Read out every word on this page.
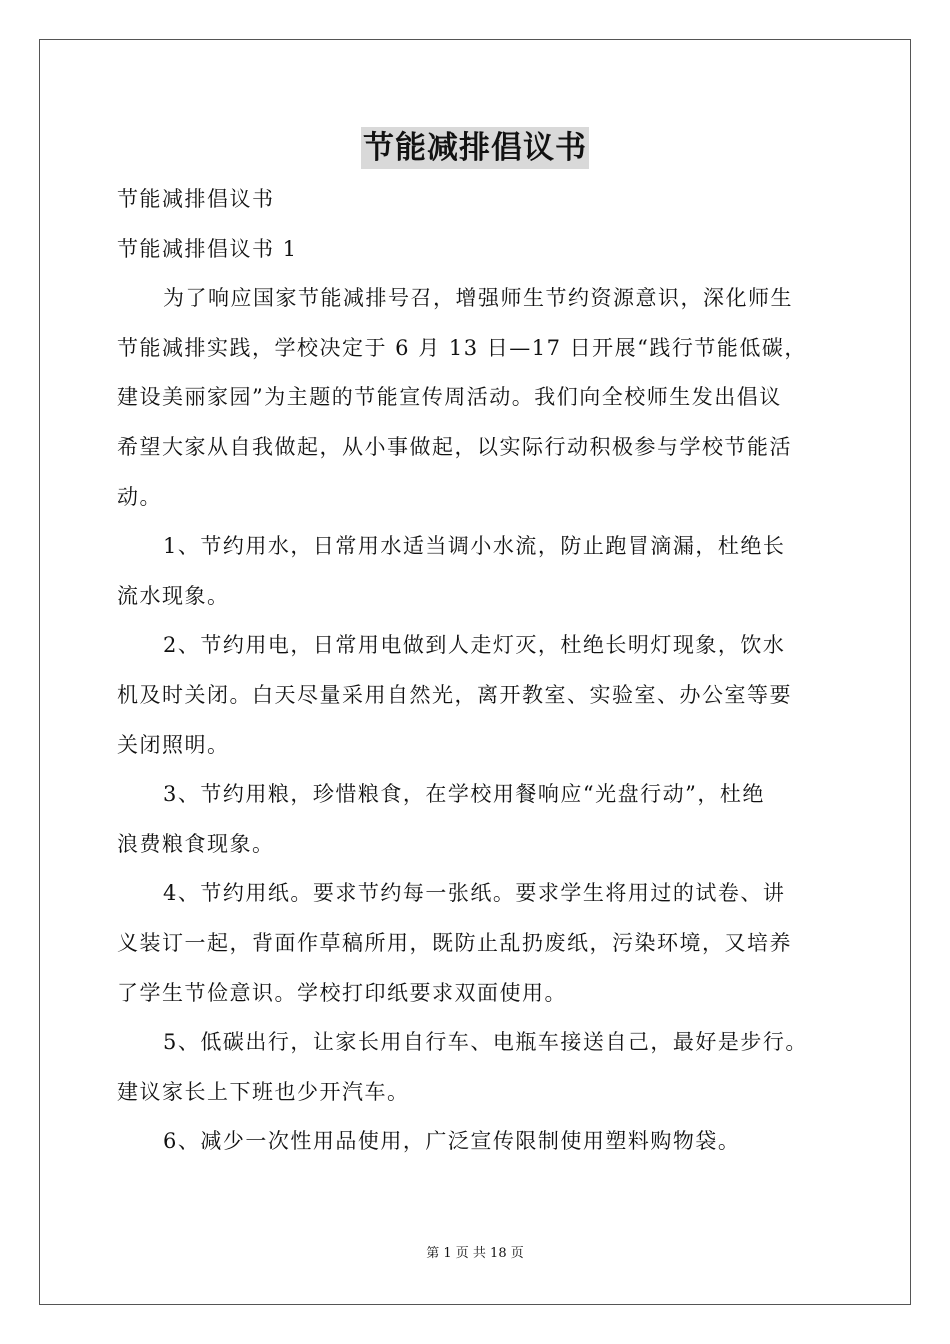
节能减排倡议书
节能减排倡议书
节能减排倡议书 1
为了响应国家节能减排号召，增强师生节约资源意识，深化师生
节能减排实践，学校决定于 6 月 13 日—17 日开展“践行节能低碳，
建设美丽家园”为主题的节能宣传周活动。我们向全校师生发出倡议
希望大家从自我做起，从小事做起，以实际行动积极参与学校节能活
动。
1、节约用水，日常用水适当调小水流，防止跑冒滴漏，杜绝长
流水现象。
2、节约用电，日常用电做到人走灯灭，杜绝长明灯现象，饮水
机及时关闭。白天尽量采用自然光，离开教室、实验室、办公室等要
关闭照明。
3、节约用粮，珍惜粮食，在学校用餐响应“光盘行动”，杜绝
浪费粮食现象。
4、节约用纸。要求节约每一张纸。要求学生将用过的试卷、讲
义装订一起，背面作草稿所用，既防止乱扔废纸，污染环境，又培养
了学生节俭意识。学校打印纸要求双面使用。
5、低碳出行，让家长用自行车、电瓶车接送自己，最好是步行。
建议家长上下班也少开汽车。
6、减少一次性用品使用，广泛宣传限制使用塑料购物袋。
第 1 页 共 18 页
